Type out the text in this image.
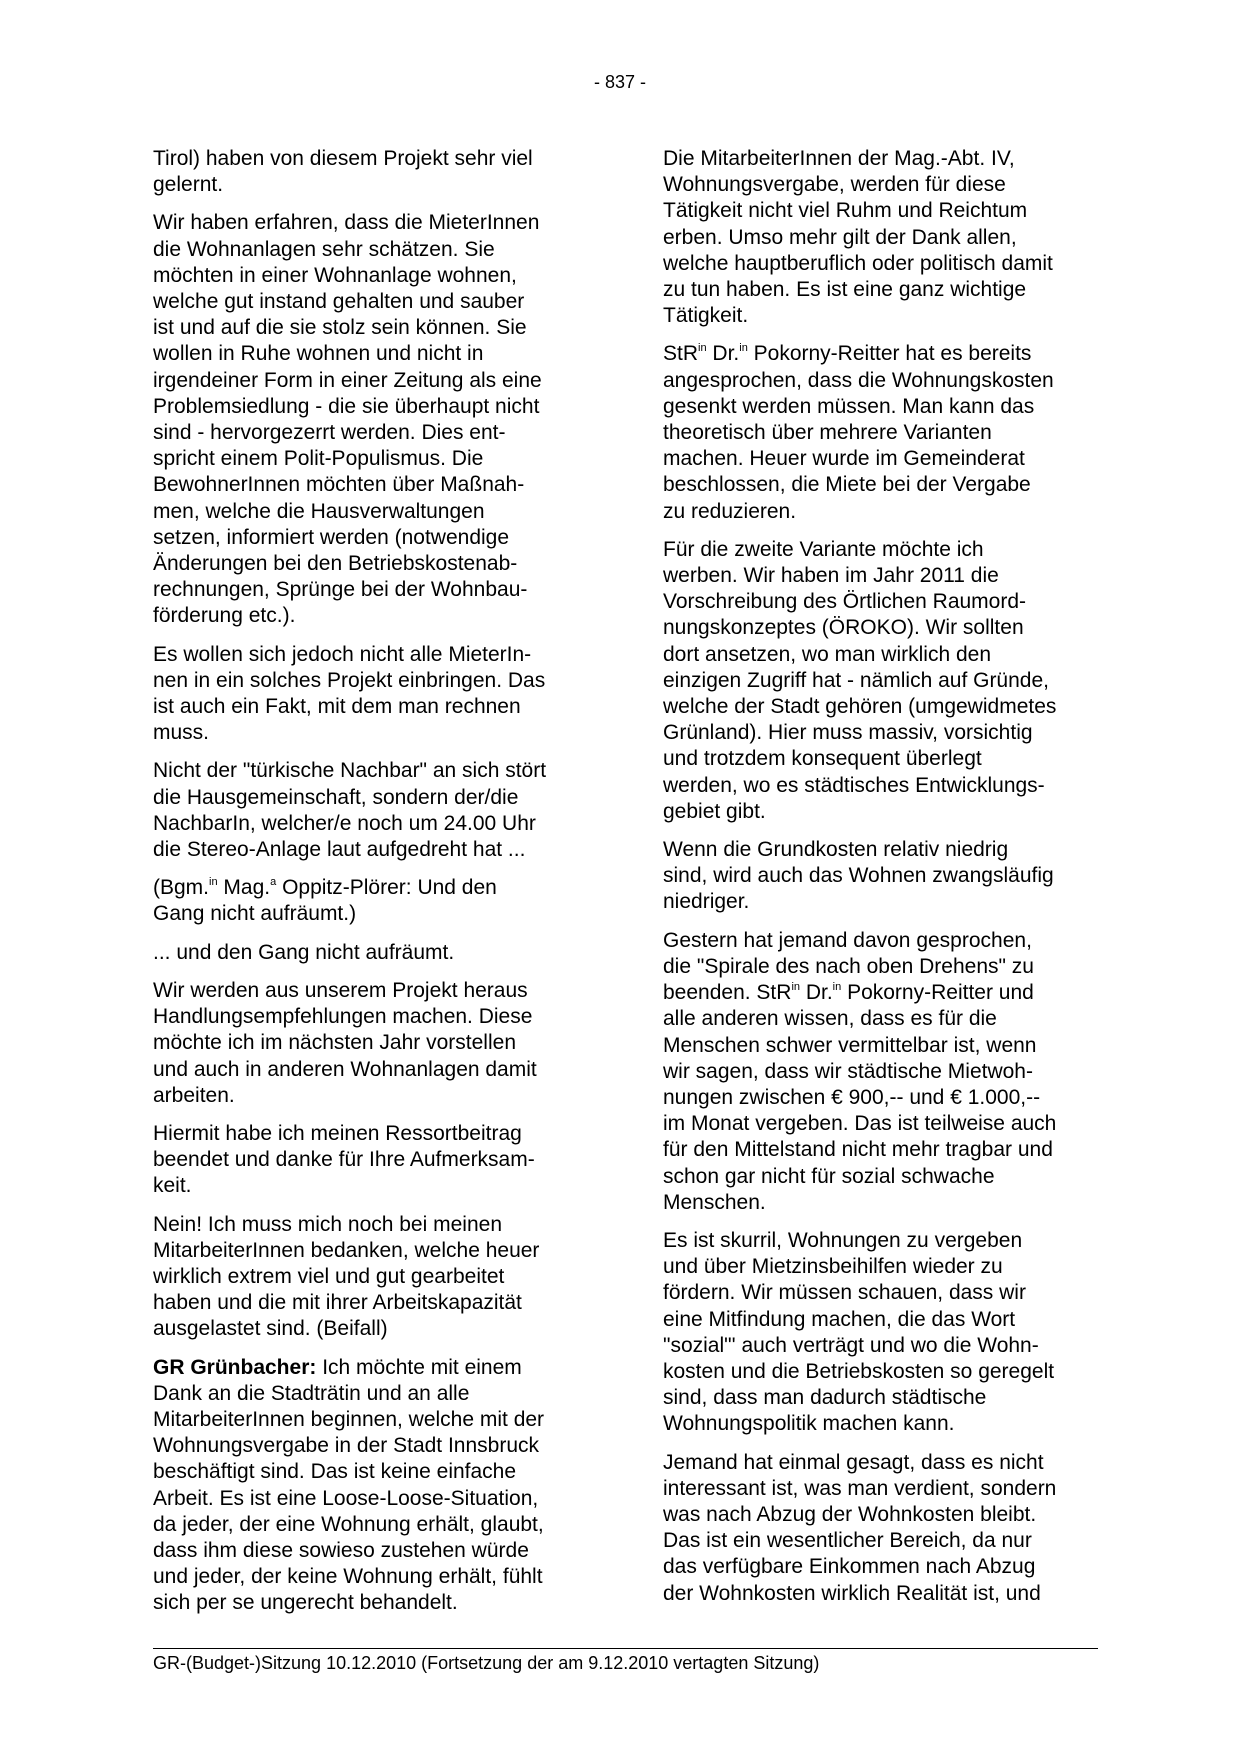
- 837 -

Tirol) haben von diesem Projekt sehr viel
gelernt.

Wir haben erfahren, dass die MieterInnen
die Wohnanlagen sehr schätzen. Sie
möchten in einer Wohnanlage wohnen,
welche gut instand gehalten und sauber
ist und auf die sie stolz sein können. Sie
wollen in Ruhe wohnen und nicht in
irgendeiner Form in einer Zeitung als eine
Problemsiedlung - die sie überhaupt nicht
sind - hervorgezerrt werden. Dies ent-
spricht einem Polit-Populismus. Die
BewohnerInnen möchten über Maßnah-
men, welche die Hausverwaltungen
setzen, informiert werden (notwendige
Änderungen bei den Betriebskostenab-
rechnungen, Sprünge bei der Wohnbau-
förderung etc.).

Es wollen sich jedoch nicht alle MieterIn-
nen in ein solches Projekt einbringen. Das
ist auch ein Fakt, mit dem man rechnen
muss.

Nicht der "türkische Nachbar" an sich stört
die Hausgemeinschaft, sondern der/die
NachbarIn, welcher/e noch um 24.00 Uhr
die Stereo-Anlage laut aufgedreht hat ...

(Bgm.$^{in}$ Mag.$^a$ Oppitz-Plörer: Und den
Gang nicht aufräumt.)

... und den Gang nicht aufräumt.

Wir werden aus unserem Projekt heraus
Handlungsempfehlungen machen. Diese
möchte ich im nächsten Jahr vorstellen
und auch in anderen Wohnanlagen damit
arbeiten.

Hiermit habe ich meinen Ressortbeitrag
beendet und danke für Ihre Aufmerksam-
keit.

Nein! Ich muss mich noch bei meinen
MitarbeiterInnen bedanken, welche heuer
wirklich extrem viel und gut gearbeitet
haben und die mit ihrer Arbeitskapazität
ausgelastet sind. (Beifall)

GR Grünbacher: Ich möchte mit einem
Dank an die Stadträtin und an alle
MitarbeiterInnen beginnen, welche mit der
Wohnungsvergabe in der Stadt Innsbruck
beschäftigt sind. Das ist keine einfache
Arbeit. Es ist eine Loose-Loose-Situation,
da jeder, der eine Wohnung erhält, glaubt,
dass ihm diese sowieso zustehen würde
und jeder, der keine Wohnung erhält, fühlt
sich per se ungerecht behandelt.

Die MitarbeiterInnen der Mag.-Abt. IV,
Wohnungsvergabe, werden für diese
Tätigkeit nicht viel Ruhm und Reichtum
erben. Umso mehr gilt der Dank allen,
welche hauptberuflich oder politisch damit
zu tun haben. Es ist eine ganz wichtige
Tätigkeit.

StR$^{in}$ Dr.$^{in}$ Pokorny-Reitter hat es bereits
angesprochen, dass die Wohnungskosten
gesenkt werden müssen. Man kann das
theoretisch über mehrere Varianten
machen. Heuer wurde im Gemeinderat
beschlossen, die Miete bei der Vergabe
zu reduzieren.

Für die zweite Variante möchte ich
werben. Wir haben im Jahr 2011 die
Vorschreibung des Örtlichen Raumord-
nungskonzeptes (ÖROKO). Wir sollten
dort ansetzen, wo man wirklich den
einzigen Zugriff hat - nämlich auf Gründe,
welche der Stadt gehören (umgewidmetes
Grünland). Hier muss massiv, vorsichtig
und trotzdem konsequent überlegt
werden, wo es städtisches Entwicklungs-
gebiet gibt.

Wenn die Grundkosten relativ niedrig
sind, wird auch das Wohnen zwangsläufig
niedriger.

Gestern hat jemand davon gesprochen,
die "Spirale des nach oben Drehens" zu
beenden. StR$^{in}$ Dr.$^{in}$ Pokorny-Reitter und
alle anderen wissen, dass es für die
Menschen schwer vermittelbar ist, wenn
wir sagen, dass wir städtische Mietwoh-
nungen zwischen € 900,-- und € 1.000,--
im Monat vergeben. Das ist teilweise auch
für den Mittelstand nicht mehr tragbar und
schon gar nicht für sozial schwache
Menschen.

Es ist skurril, Wohnungen zu vergeben
und über Mietzinsbeihilfen wieder zu
fördern. Wir müssen schauen, dass wir
eine Mitfindung machen, die das Wort
"sozial"' auch verträgt und wo die Wohn-
kosten und die Betriebskosten so geregelt
sind, dass man dadurch städtische
Wohnungspolitik machen kann.

Jemand hat einmal gesagt, dass es nicht
interessant ist, was man verdient, sondern
was nach Abzug der Wohnkosten bleibt.
Das ist ein wesentlicher Bereich, da nur
das verfügbare Einkommen nach Abzug
der Wohnkosten wirklich Realität ist, und

GR-(Budget-)Sitzung 10.12.2010 (Fortsetzung der am 9.12.2010 vertagten Sitzung)
